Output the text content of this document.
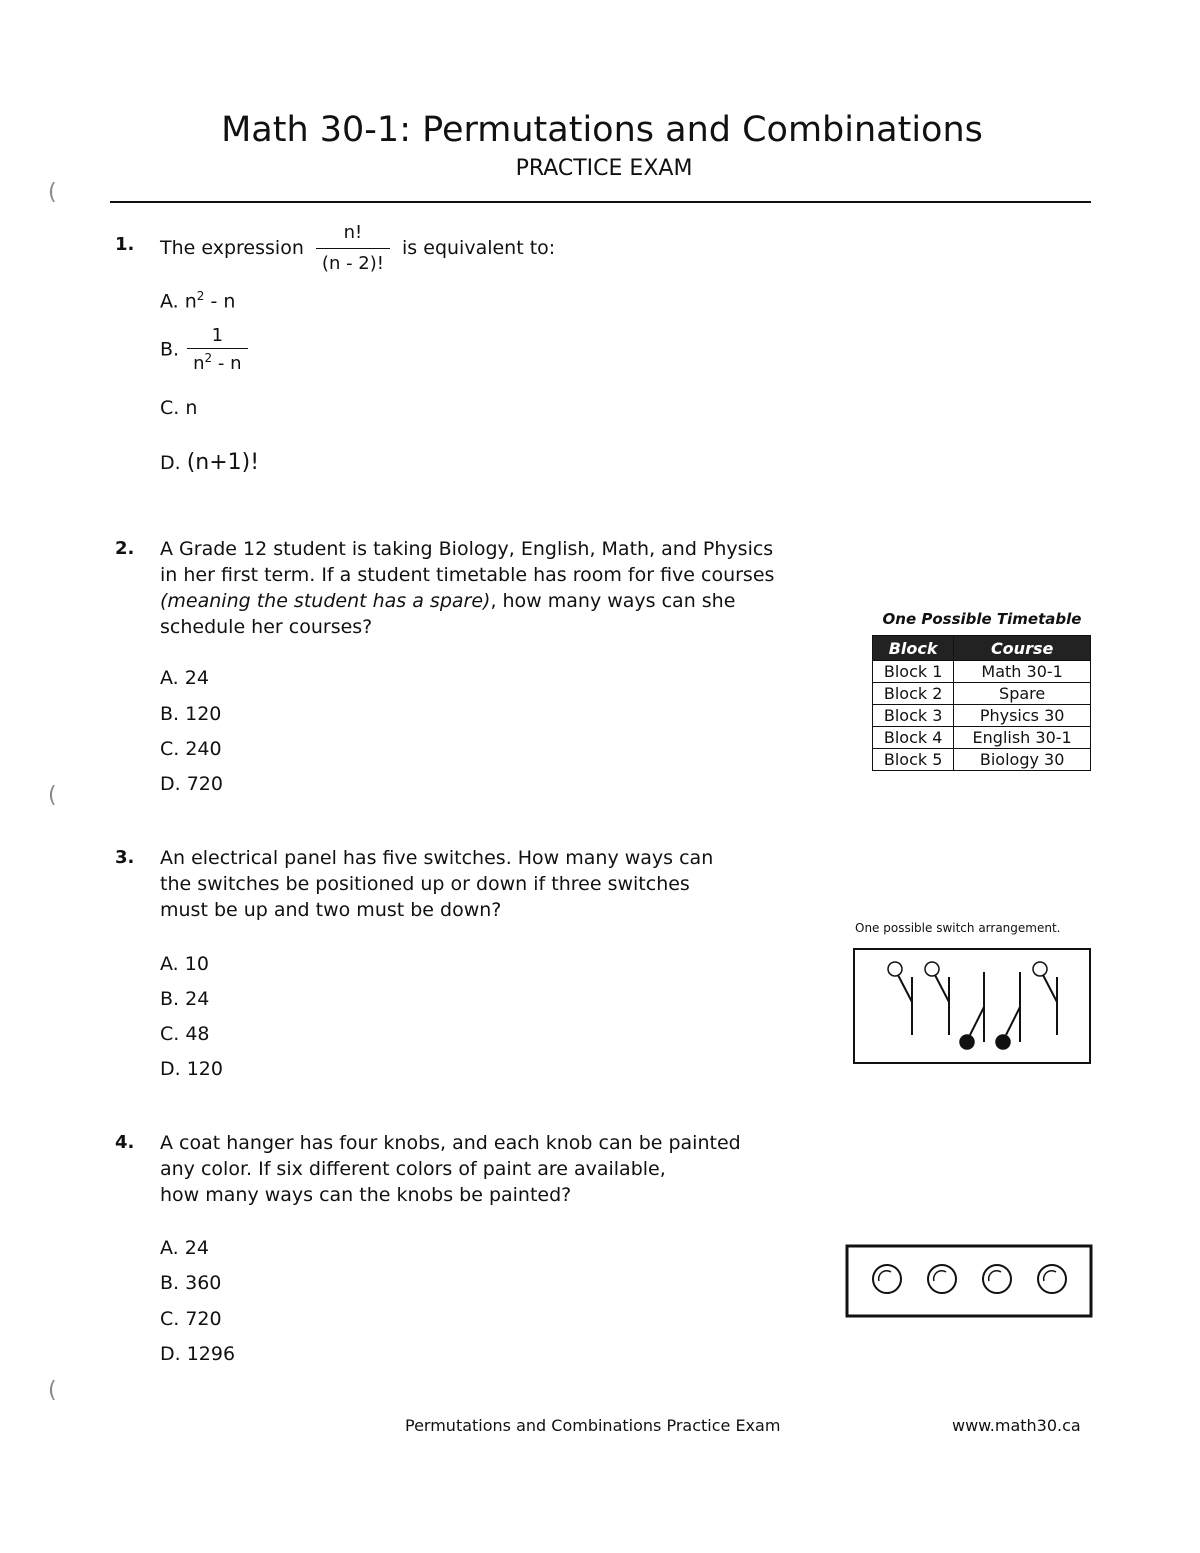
Math 30-1: Permutations and Combinations
PRACTICE EXAM
(
(
(
1. The expression $\frac{n!}{(n - 2)!}$ is equivalent to:
A. $n^2$ - n
B. $\frac{1}{n^2 - n}$
C. n
D. (n+1)!
2. A Grade 12 student is taking Biology, English, Math, and Physics
in her first term. If a student timetable has room for five courses
(meaning the student has a spare), how many ways can she
schedule her courses?
A. 24
B. 120
C. 240
D. 720
One Possible Timetable
Block	Course
Block 1	Math 30-1
Block 2	Spare
Block 3	Physics 30
Block 4	English 30-1
Block 5	Biology 30
3. An electrical panel has five switches. How many ways can
the switches be positioned up or down if three switches
must be up and two must be down?
A. 10
B. 24
C. 48
D. 120
One possible switch arrangement.
4. A coat hanger has four knobs, and each knob can be painted
any color. If six different colors of paint are available,
how many ways can the knobs be painted?
A. 24
B. 360
C. 720
D. 1296
Permutations and Combinations Practice Exam	www.math30.ca
